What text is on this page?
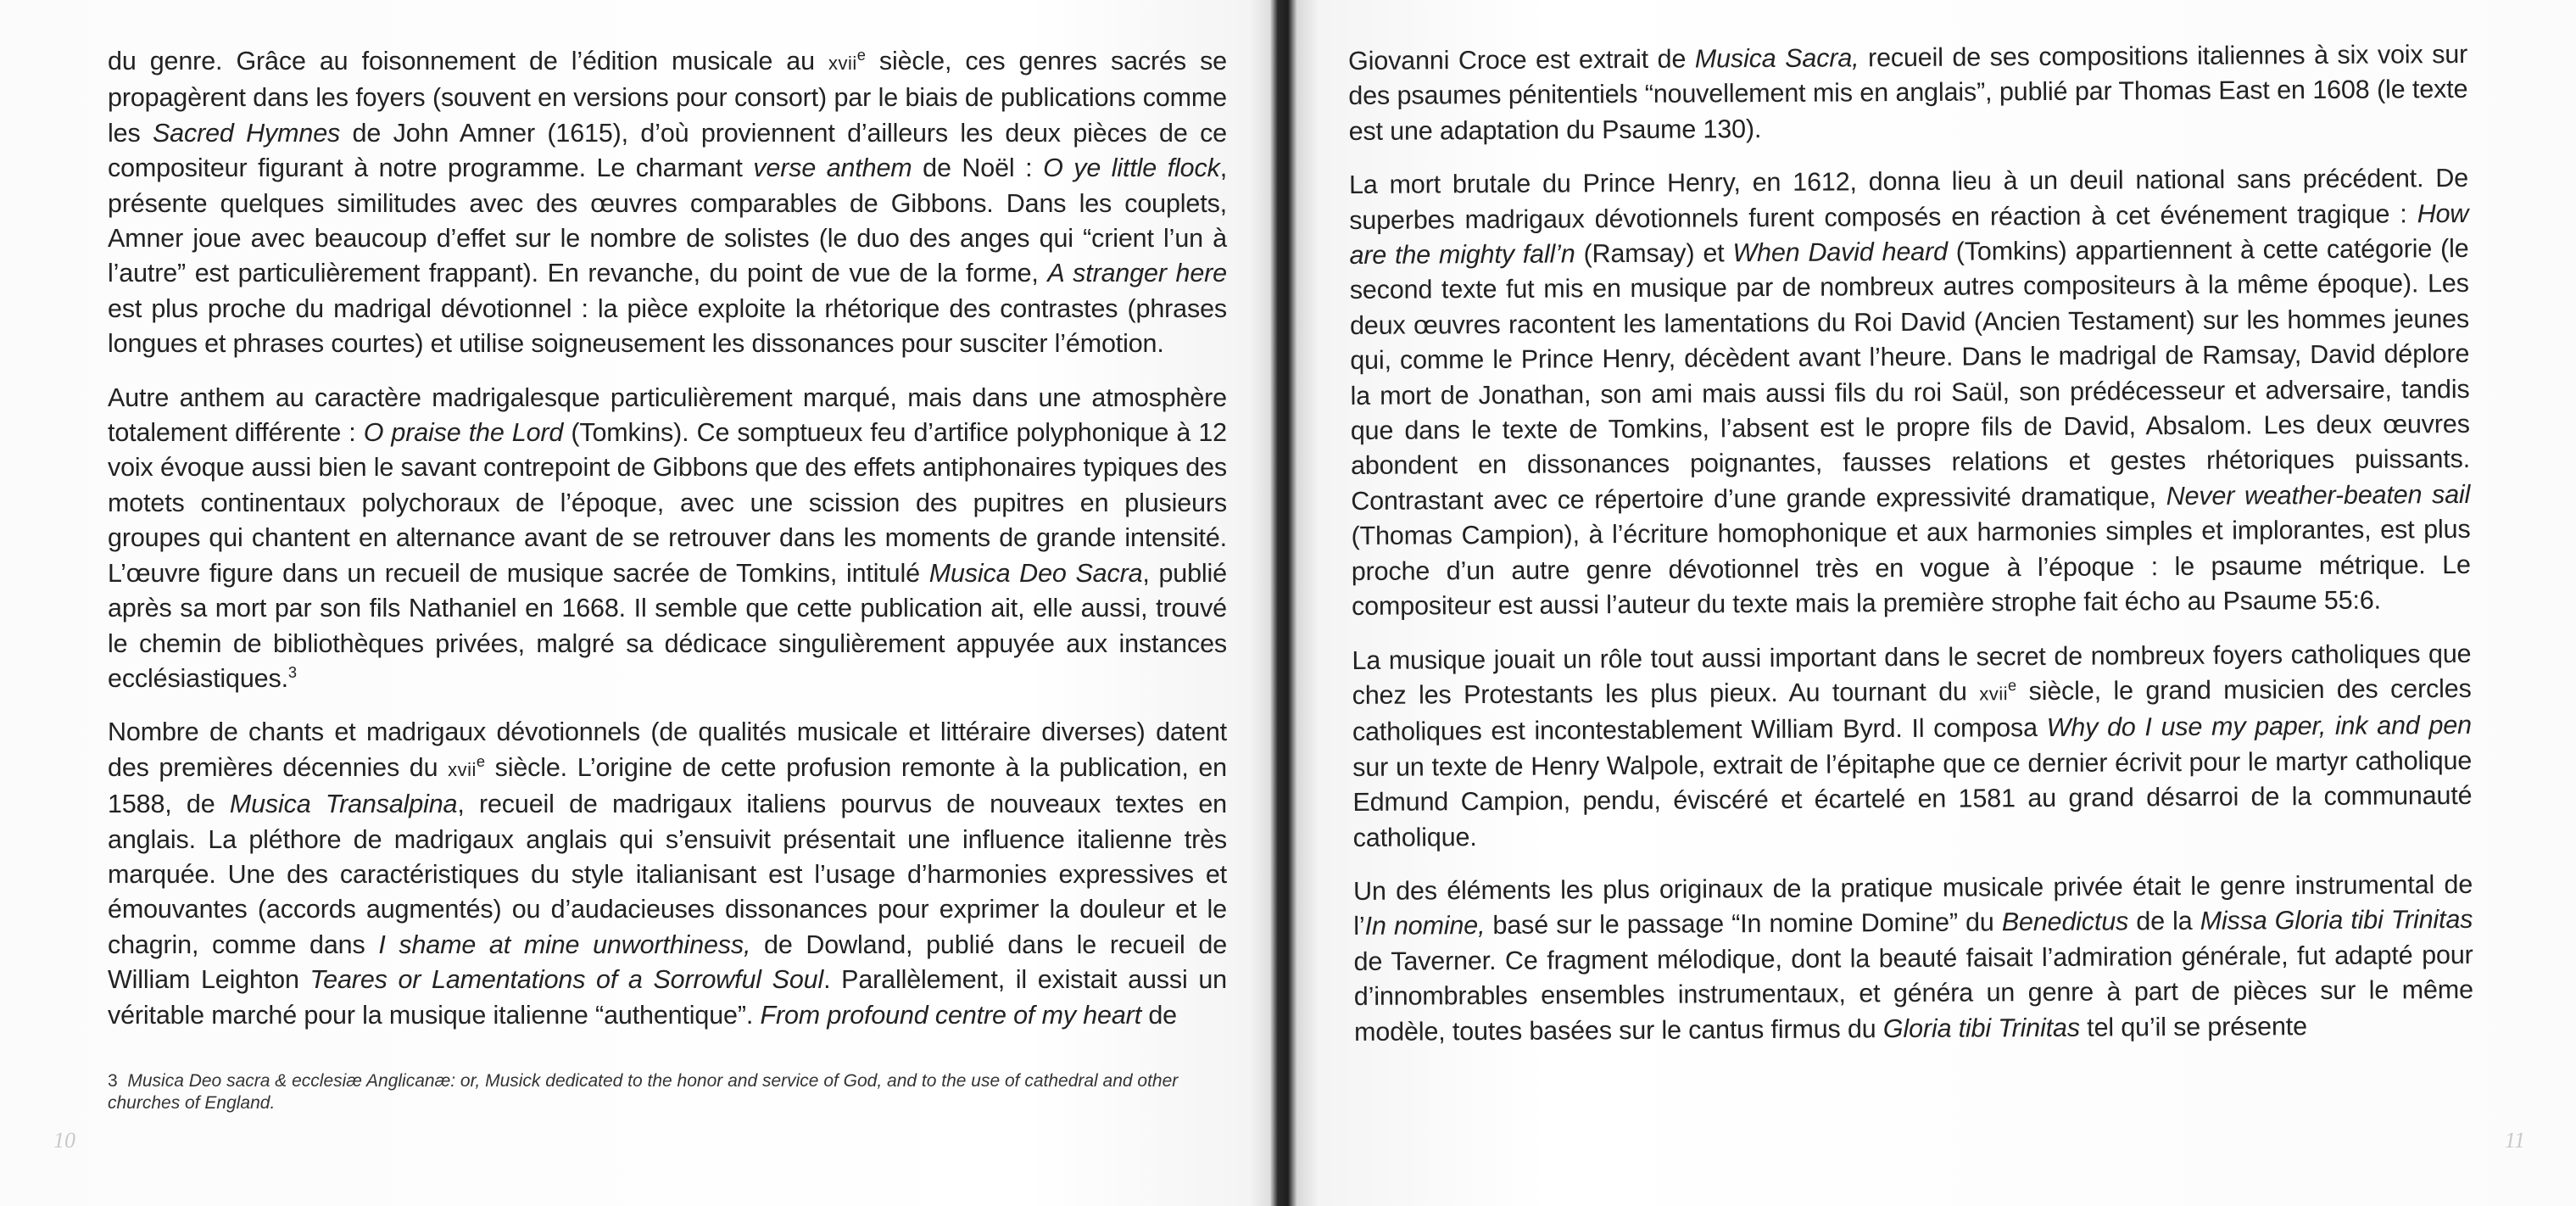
du genre. Grâce au foisonnement de l’édition musicale au xvii$^e$ siècle, ces genres sacrés se propagèrent dans les foyers (souvent en versions pour consort) par le biais de publications comme les Sacred Hymnes de John Amner (1615), d’où proviennent d’ailleurs les deux pièces de ce compositeur figurant à notre programme. Le charmant verse anthem de Noël : O ye little flock, présente quelques similitudes avec des œuvres comparables de Gibbons. Dans les couplets, Amner joue avec beaucoup d’effet sur le nombre de solistes (le duo des anges qui “crient l’un à l’autre” est particulièrement frappant). En revanche, du point de vue de la forme, A stranger here est plus proche du madrigal dévotionnel : la pièce exploite la rhétorique des contrastes (phrases longues et phrases courtes) et utilise soigneusement les dissonances pour susciter l’émotion.

Autre anthem au caractère madrigalesque particulièrement marqué, mais dans une atmosphère totalement différente : O praise the Lord (Tomkins). Ce somptueux feu d’artifice polyphonique à 12 voix évoque aussi bien le savant contrepoint de Gibbons que des effets antiphonaires typiques des motets continentaux polychoraux de l’époque, avec une scission des pupitres en plusieurs groupes qui chantent en alternance avant de se retrouver dans les moments de grande intensité. L’œuvre figure dans un recueil de musique sacrée de Tomkins, intitulé Musica Deo Sacra, publié après sa mort par son fils Nathaniel en 1668. Il semble que cette publication ait, elle aussi, trouvé le chemin de bibliothèques privées, malgré sa dédicace singulièrement appuyée aux instances ecclésiastiques.$^3$

Nombre de chants et madrigaux dévotionnels (de qualités musicale et littéraire diverses) datent des premières décennies du xvii$^e$ siècle. L’origine de cette profusion remonte à la publication, en 1588, de Musica Transalpina, recueil de madrigaux italiens pourvus de nouveaux textes en anglais. La pléthore de madrigaux anglais qui s’ensuivit présentait une influence italienne très marquée. Une des caractéristiques du style italianisant est l’usage d’harmonies expressives et émouvantes (accords augmentés) ou d’audacieuses dissonances pour exprimer la douleur et le chagrin, comme dans I shame at mine unworthiness, de Dowland, publié dans le recueil de William Leighton Teares or Lamentations of a Sorrowful Soul. Parallèlement, il existait aussi un véritable marché pour la musique italienne “authentique”. From profound centre of my heart de

3 Musica Deo sacra & ecclesiæ Anglicanæ: or, Musick dedicated to the honor and service of God, and to the use of cathedral and other churches of England.
10

Giovanni Croce est extrait de Musica Sacra, recueil de ses compositions italiennes à six voix sur des psaumes pénitentiels “nouvellement mis en anglais”, publié par Thomas East en 1608 (le texte est une adaptation du Psaume 130).

La mort brutale du Prince Henry, en 1612, donna lieu à un deuil national sans précédent. De superbes madrigaux dévotionnels furent composés en réaction à cet événement tragique : How are the mighty fall’n (Ramsay) et When David heard (Tomkins) appartiennent à cette catégorie (le second texte fut mis en musique par de nombreux autres compositeurs à la même époque). Les deux œuvres racontent les lamentations du Roi David (Ancien Testament) sur les hommes jeunes qui, comme le Prince Henry, décèdent avant l’heure. Dans le madrigal de Ramsay, David déplore la mort de Jonathan, son ami mais aussi fils du roi Saül, son prédécesseur et adversaire, tandis que dans le texte de Tomkins, l’absent est le propre fils de David, Absalom. Les deux œuvres abondent en dissonances poignantes, fausses relations et gestes rhétoriques puissants. Contrastant avec ce répertoire d’une grande expressivité dramatique, Never weather-beaten sail (Thomas Campion), à l’écriture homophonique et aux harmonies simples et implorantes, est plus proche d’un autre genre dévotionnel très en vogue à l’époque : le psaume métrique. Le compositeur est aussi l’auteur du texte mais la première strophe fait écho au Psaume 55:6.

La musique jouait un rôle tout aussi important dans le secret de nombreux foyers catholiques que chez les Protestants les plus pieux. Au tournant du xvii$^e$ siècle, le grand musicien des cercles catholiques est incontestablement William Byrd. Il composa Why do I use my paper, ink and pen sur un texte de Henry Walpole, extrait de l’épitaphe que ce dernier écrivit pour le martyr catholique Edmund Campion, pendu, éviscéré et écartelé en 1581 au grand désarroi de la communauté catholique.

Un des éléments les plus originaux de la pratique musicale privée était le genre instrumental de l’In nomine, basé sur le passage “In nomine Domine” du Benedictus de la Missa Gloria tibi Trinitas de Taverner. Ce fragment mélodique, dont la beauté faisait l’admiration générale, fut adapté pour d’innombrables ensembles instrumentaux, et généra un genre à part de pièces sur le même modèle, toutes basées sur le cantus firmus du Gloria tibi Trinitas tel qu’il se présente

11
